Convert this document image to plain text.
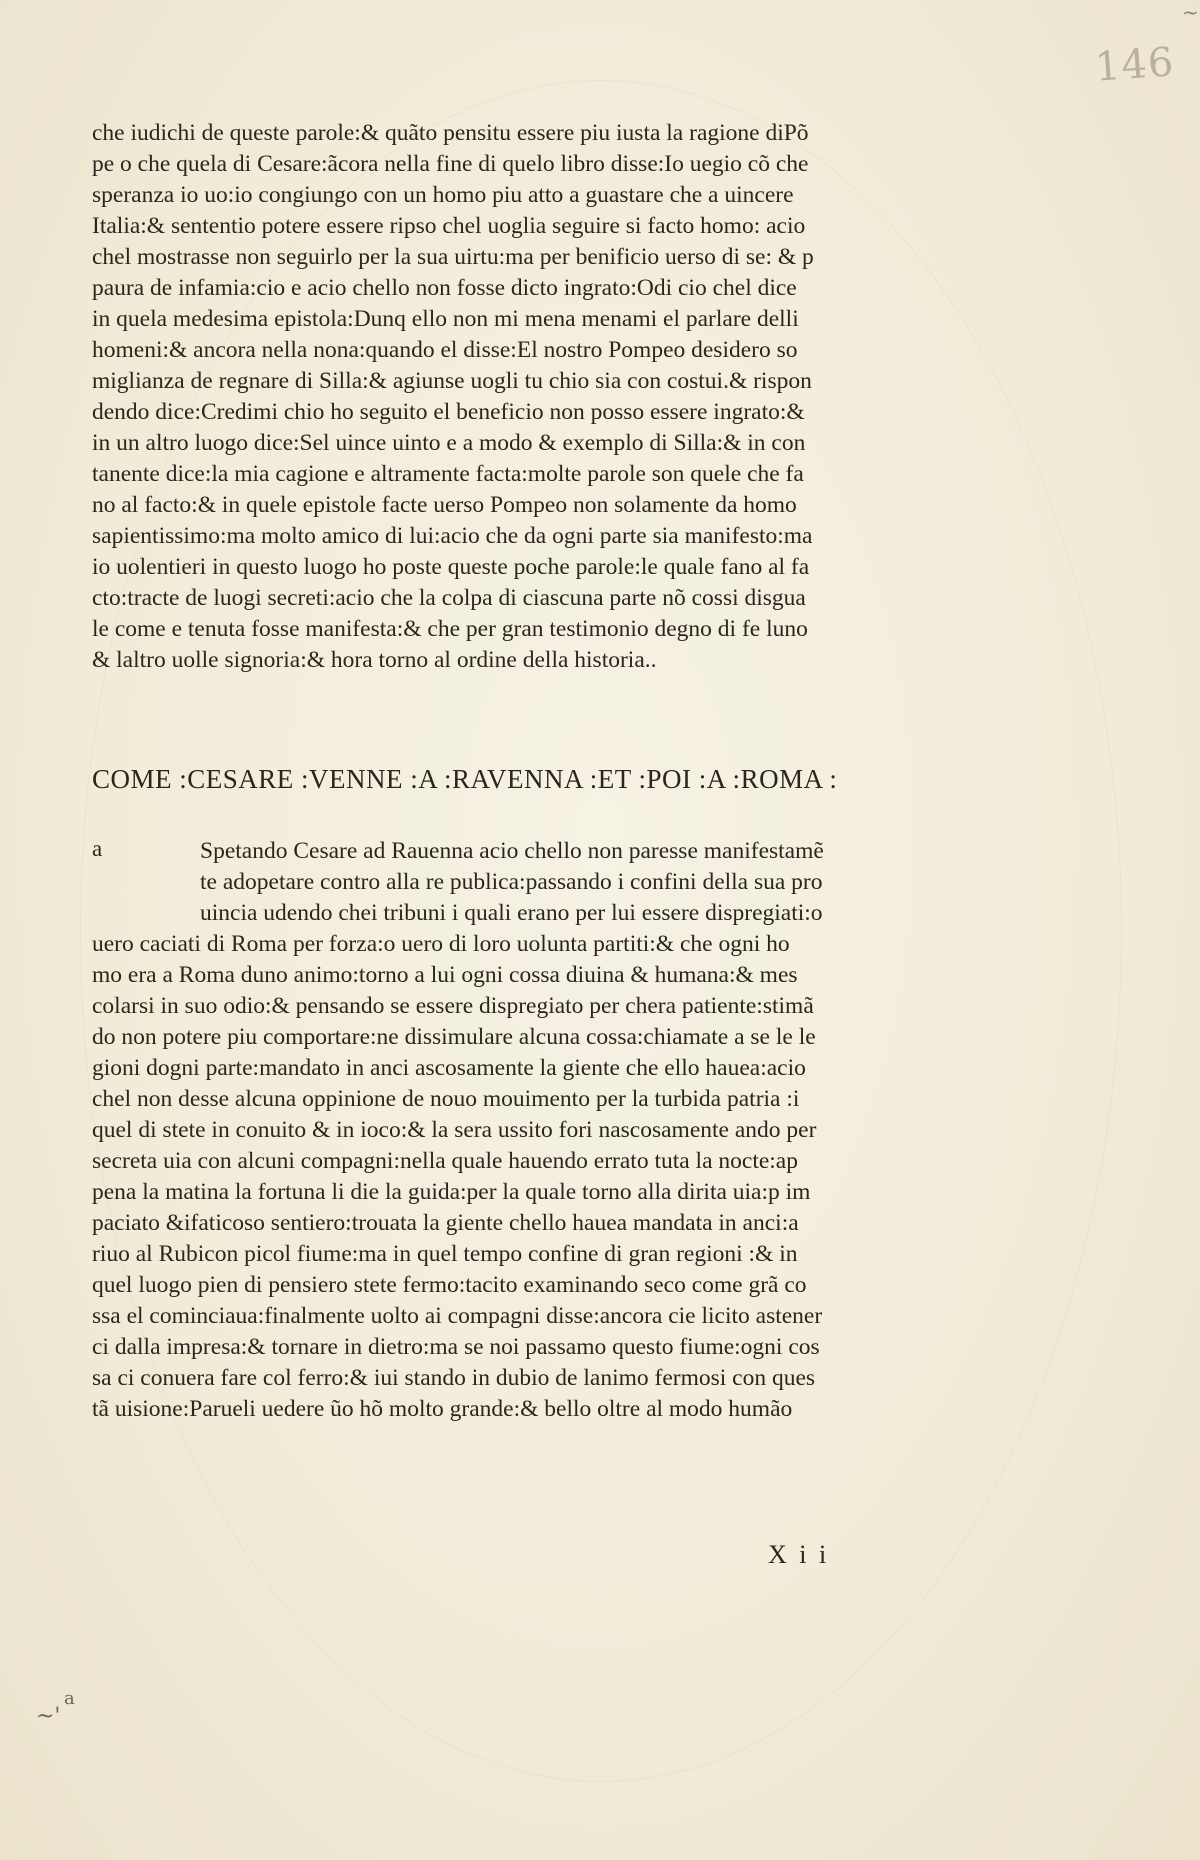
146
~
che iudichi de queste parole:& quãto pensitu essere piu iusta la ragione diPõ
pe o che quela di Cesare:ãcora nella fine di quelo libro disse:Io uegio cõ che
speranza io uo:io congiungo con un homo piu atto a guastare che a uincere
Italia:& sententio potere essere ripso chel uoglia seguire si facto homo: acio
chel mostrasse non seguirlo per la sua uirtu:ma per benificio uerso di se: & p
paura de infamia:cio e acio chello non fosse dicto ingrato:Odi cio chel dice
in quela medesima epistola:Dunq ello non mi mena menami el parlare delli
homeni:& ancora nella nona:quando el disse:El nostro Pompeo desidero so
miglianza de regnare di Silla:& agiunse uogli tu chio sia con costui.& rispon
dendo dice:Credimi chio ho seguito el beneficio non posso essere ingrato:&
in un altro luogo dice:Sel uince uinto e a modo & exemplo di Silla:& in con
tanente dice:la mia cagione e altramente facta:molte parole son quele che fa
no al facto:& in quele epistole facte uerso Pompeo non solamente da homo
sapientissimo:ma molto amico di lui:acio che da ogni parte sia manifesto:ma
io uolentieri in questo luogo ho poste queste poche parole:le quale fano al fa
cto:tracte de luogi secreti:acio che la colpa di ciascuna parte nõ cossi disgua
le come e tenuta fosse manifesta:& che per gran testimonio degno di fe luno
& laltro uolle signoria:& hora torno al ordine della historia..
COME :CESARE :VENNE :A :RAVENNA :ET :POI :A :ROMA :
a	Spetando Cesare ad Rauenna acio chello non paresse manifestamẽ
te adopetare contro alla re publica:passando i confini della sua pro
uincia udendo chei tribuni i quali erano per lui essere dispregiati:o
uero caciati di Roma per forza:o uero di loro uolunta partiti:& che ogni ho
mo era a Roma duno animo:torno a lui ogni cossa diuina & humana:& mes
colarsi in suo odio:& pensando se essere dispregiato per chera patiente:stimã
do non potere piu comportare:ne dissimulare alcuna cossa:chiamate a se le le
gioni dogni parte:mandato in anci ascosamente la giente che ello hauea:acio
chel non desse alcuna oppinione de nouo mouimento per la turbida patria :i
quel di stete in conuito & in ioco:& la sera ussito fori nascosamente ando per
secreta uia con alcuni compagni:nella quale hauendo errato tuta la nocte:ap
pena la matina la fortuna li die la guida:per la quale torno alla dirita uia:p im
paciato &ifaticoso sentiero:trouata la giente chello hauea mandata in anci:a
riuo al Rubicon picol fiume:ma in quel tempo confine di gran regioni :& in
quel luogo pien di pensiero stete fermo:tacito examinando seco come grã co
ssa el cominciaua:finalmente uolto ai compagni disse:ancora cie licito astener
ci dalla impresa:& tornare in dietro:ma se noi passamo questo fiume:ogni cos
sa ci conuera fare col ferro:& iui stando in dubio de lanimo fermosi con ques
tã uisione:Parueli uedere ũo hõ molto grande:& bello oltre al modo humão
X i i
a
~'
